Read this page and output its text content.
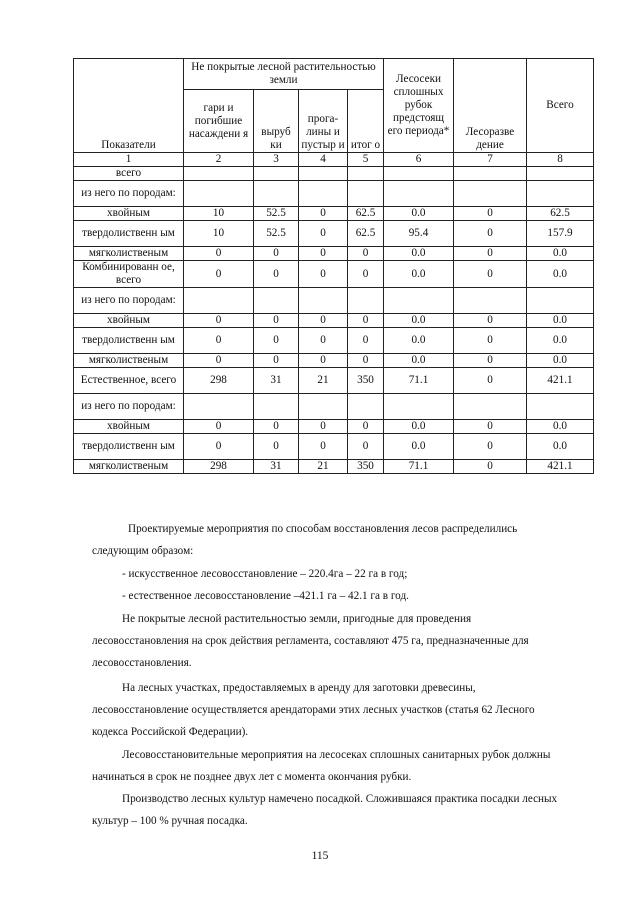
Показатели	Не покрытые лесной растительностью земли				Лесосеки сплошных рубок предстоящ его периода*	Лесоразве дение	Всего
	гари и погибшие насаждени я	выруб ки	прога- лины и пустыр и	итог о			
1	2	3	4	5	6	7	8
всего							
из него по породам:							
хвойным	10	52.5	0	62.5	0.0	0	62.5
твердолиственн ым	10	52.5	0	62.5	95.4	0	157.9
мягколиственым	0	0	0	0	0.0	0	0.0
Комбинированн ое, всего	0	0	0	0	0.0	0	0.0
из него по породам:							
хвойным	0	0	0	0	0.0	0	0.0
твердолиственн ым	0	0	0	0	0.0	0	0.0
мягколиственым	0	0	0	0	0.0	0	0.0
Естественное, всего	298	31	21	350	71.1	0	421.1
из него по породам:							
хвойным	0	0	0	0	0.0	0	0.0
твердолиственн ым	0	0	0	0	0.0	0	0.0
мягколиственым	298	31	21	350	71.1	0	421.1
Проектируемые мероприятия по способам восстановления лесов распределились
следующим образом:
- искусственное лесовосстановление – 220.4га – 22 га в год;
- естественное лесовосстановление –421.1 га – 42.1 га в год.
Не покрытые лесной растительностью земли, пригодные для проведения
лесовосстановления на срок действия регламента, составляют 475 га, предназначенные для
лесовосстановления.
На лесных участках, предоставляемых в аренду для заготовки древесины,
лесовосстановление осуществляется арендаторами этих лесных участков (статья 62 Лесного
кодекса Российской Федерации).
Лесовосстановительные мероприятия на лесосеках сплошных санитарных рубок должны
начинаться в срок не позднее двух лет с момента окончания рубки.
Производство лесных культур намечено посадкой. Сложившаяся практика посадки лесных
культур – 100 % ручная посадка.
115
